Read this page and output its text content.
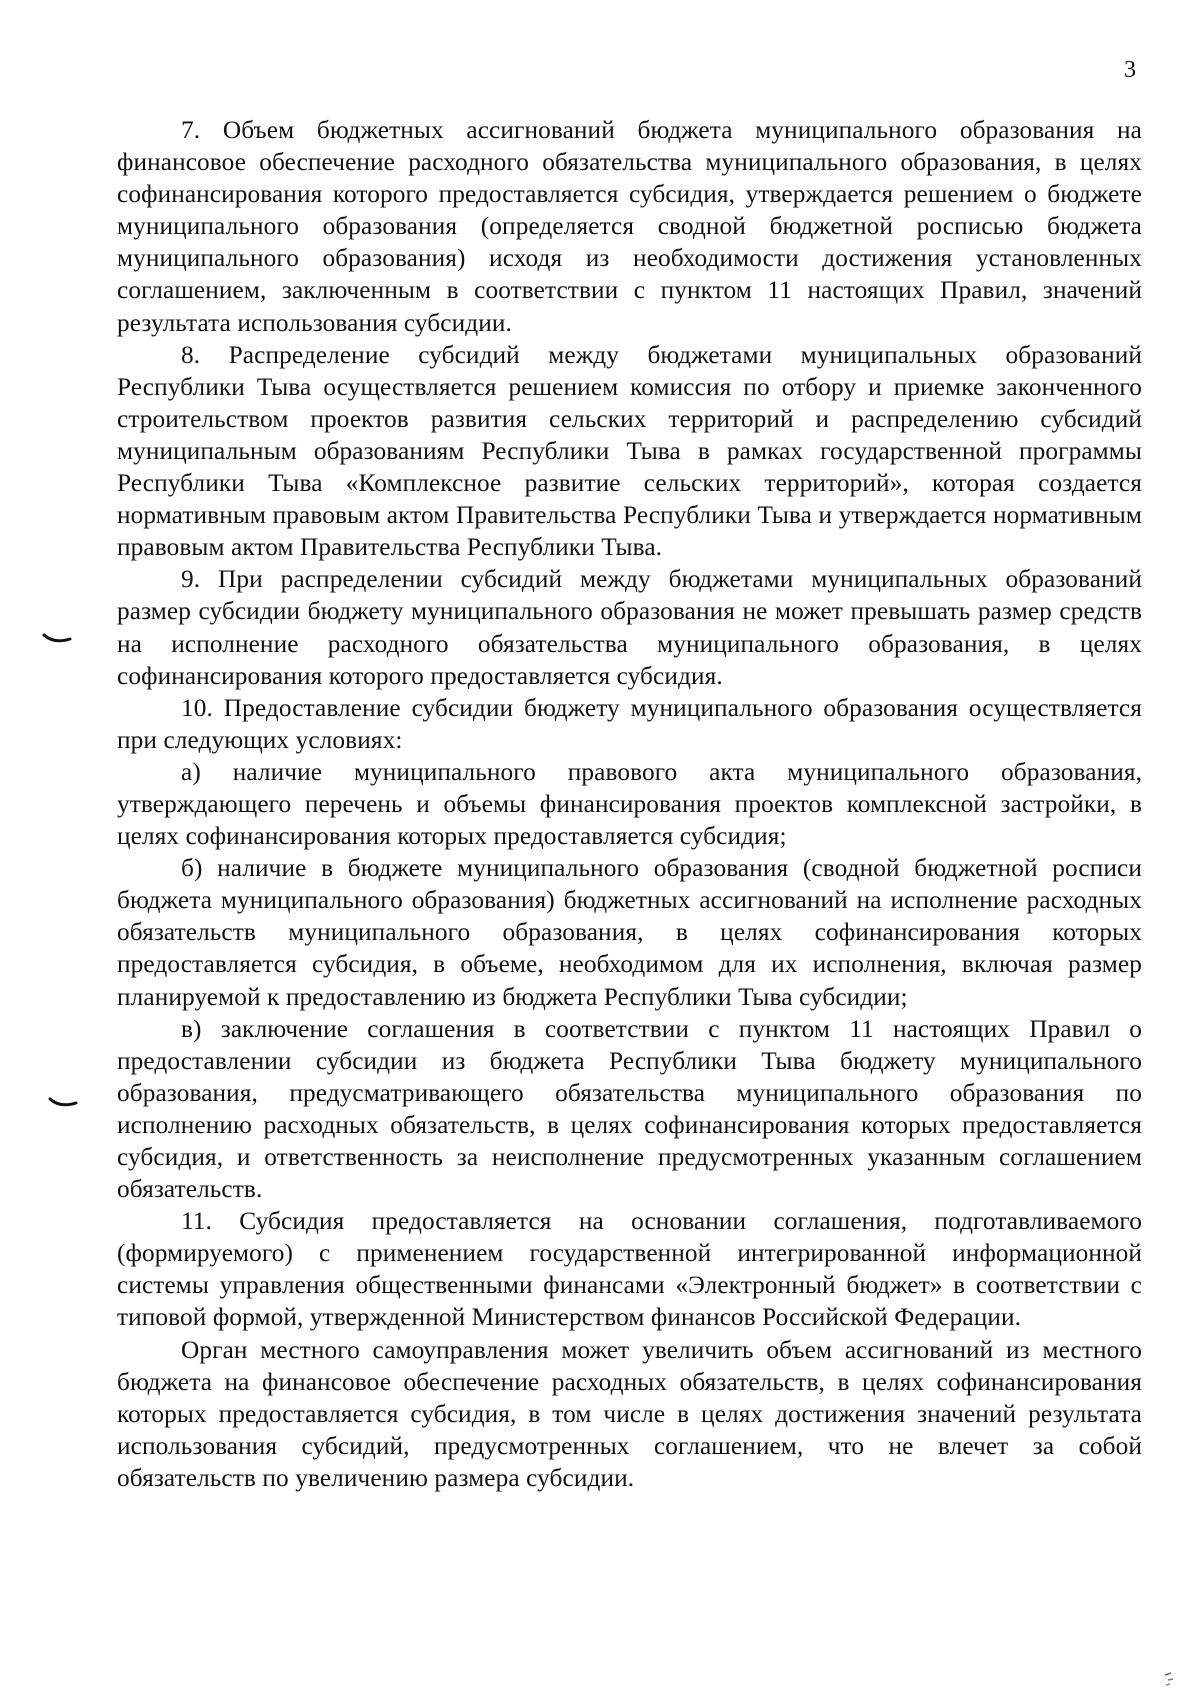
3

7. Объем бюджетных ассигнований бюджета муниципального образования на финансовое обеспечение расходного обязательства муниципального образования, в целях софинансирования которого предоставляется субсидия, утверждается решением о бюджете муниципального образования (определяется сводной бюджетной росписью бюджета муниципального образования) исходя из необходимости достижения установленных соглашением, заключенным в соответствии с пунктом 11 настоящих Правил, значений результата использования субсидии.

8. Распределение субсидий между бюджетами муниципальных образований Республики Тыва осуществляется решением комиссия по отбору и приемке законченного строительством проектов развития сельских территорий и распределению субсидий муниципальным образованиям Республики Тыва в рамках государственной программы Республики Тыва «Комплексное развитие сельских территорий», которая создается нормативным правовым актом Правительства Республики Тыва и утверждается нормативным правовым актом Правительства Республики Тыва.

9. При распределении субсидий между бюджетами муниципальных образований размер субсидии бюджету муниципального образования не может превышать размер средств на исполнение расходного обязательства муниципального образования, в целях софинансирования которого предоставляется субсидия.

10. Предоставление субсидии бюджету муниципального образования осуществляется при следующих условиях:

а) наличие муниципального правового акта муниципального образования, утверждающего перечень и объемы финансирования проектов комплексной застройки, в целях софинансирования которых предоставляется субсидия;

б) наличие в бюджете муниципального образования (сводной бюджетной росписи бюджета муниципального образования) бюджетных ассигнований на исполнение расходных обязательств муниципального образования, в целях софинансирования которых предоставляется субсидия, в объеме, необходимом для их исполнения, включая размер планируемой к предоставлению из бюджета Республики Тыва субсидии;

в) заключение соглашения в соответствии с пунктом 11 настоящих Правил о предоставлении субсидии из бюджета Республики Тыва бюджету муниципального образования, предусматривающего обязательства муниципального образования по исполнению расходных обязательств, в целях софинансирования которых предоставляется субсидия, и ответственность за неисполнение предусмотренных указанным соглашением обязательств.

11. Субсидия предоставляется на основании соглашения, подготавливаемого (формируемого) с применением государственной интегрированной информационной системы управления общественными финансами «Электронный бюджет» в соответствии с типовой формой, утвержденной Министерством финансов Российской Федерации.

Орган местного самоуправления может увеличить объем ассигнований из местного бюджета на финансовое обеспечение расходных обязательств, в целях софинансирования которых предоставляется субсидия, в том числе в целях достижения значений результата использования субсидий, предусмотренных соглашением, что не влечет за собой обязательств по увеличению размера субсидии.
